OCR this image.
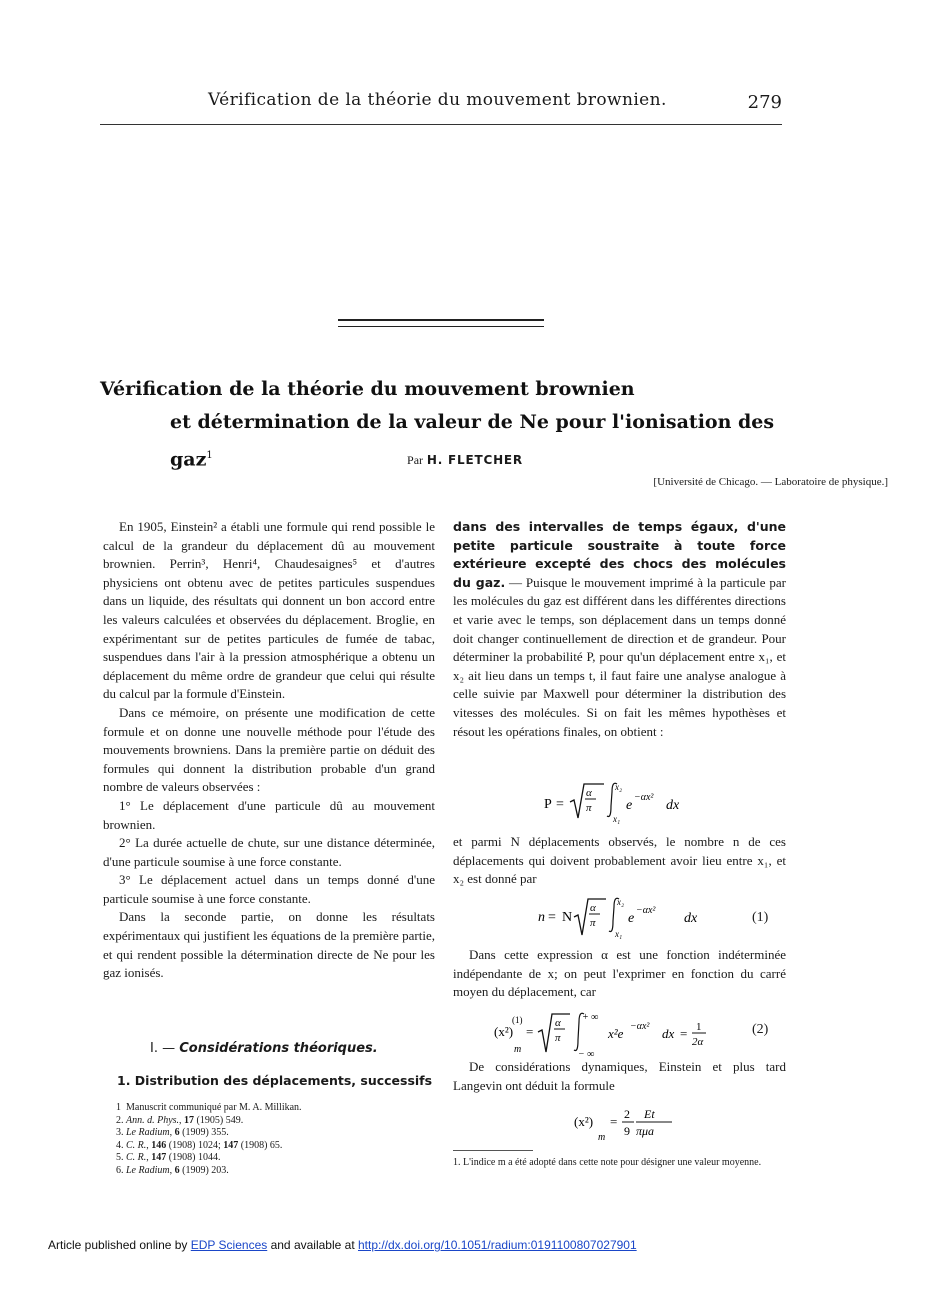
Vérification de la théorie du mouvement brownien.	279
Vérification de la théorie du mouvement brownien
et détermination de la valeur de Ne pour l'ionisation des gaz$^1$	Par H. FLETCHER
[Université de Chicago. — Laboratoire de physique.]

En 1905, Einstein² a établi une formule qui rend possible le calcul de la grandeur du déplacement dû au mouvement brownien. Perrin³, Henri⁴, Chaudesaignes⁵ et d'autres physiciens ont obtenu avec de petites particules suspendues dans un liquide, des résultats qui donnent un bon accord entre les valeurs calculées et observées du déplacement. Broglie, en expérimentant sur de petites particules de fumée de tabac, suspendues dans l'air à la pression atmosphérique a obtenu un déplacement du même ordre de grandeur que celui qui résulte du calcul par la formule d'Einstein.

Dans ce mémoire, on présente une modification de cette formule et on donne une nouvelle méthode pour l'étude des mouvements browniens. Dans la première partie on déduit des formules qui donnent la distribution probable d'un grand nombre de valeurs observées :

1° Le déplacement d'une particule dû au mouvement brownien.

2° La durée actuelle de chute, sur une distance déterminée, d'une particule soumise à une force constante.

3° Le déplacement actuel dans un temps donné d'une particule soumise à une force constante.

Dans la seconde partie, on donne les résultats expérimentaux qui justifient les équations de la première partie, et qui rendent possible la détermination directe de Ne pour les gaz ionisés.

I. — Considérations théoriques.
1. Distribution des déplacements, successifs
1 Manuscrit communiqué par M. A. Millikan.
2. Ann. d. Phys., 17 (1905) 549.
3. Le Radium, 6 (1909) 355.
4. C. R., 146 (1908) 1024; 147 (1908) 65.
5. C. R., 147 (1908) 1044.
6. Le Radium, 6 (1909) 203.

dans des intervalles de temps égaux, d'une petite particule soustraite à toute force extérieure excepté des chocs des molécules du gaz. — Puisque le mouvement imprimé à la particule par les molécules du gaz est différent dans les différentes directions et varie avec le temps, son déplacement dans un temps donné doit changer continuellement de direction et de grandeur. Pour déterminer la probabilité P, pour qu'un déplacement entre x₁, et x₂ ait lieu dans un temps t, il faut faire une analyse analogue à celle suivie par Maxwell pour déterminer la distribution des vitesses des molécules. Si on fait les mêmes hypothèses et résout les opérations finales, on obtient :

P =
α
π
x₂
x₁
e
−αx²
dx

et parmi N déplacements observés, le nombre n de ces déplacements qui doivent probablement avoir lieu entre x₁, et x₂ est donné par

n = N
α
π
x₂
x₁
e
−αx²
dx	(1)

Dans cette expression α est une fonction indéterminée indépendante de x; on peut l'exprimer en fonction du carré moyen du déplacement, car

(x²)
(1)
m
=
α
π
+ ∞
− ∞
x²e −αx² dx = 1
2α
(2)

De considérations dynamiques, Einstein et plus tard Langevin ont déduit la formule

(x²)
m
= 2
9
Et
πμa
1. L'indice m a été adopté dans cette note pour désigner une valeur moyenne.
Article published online by EDP Sciences and available at http://dx.doi.org/10.1051/radium:0191100807027901
